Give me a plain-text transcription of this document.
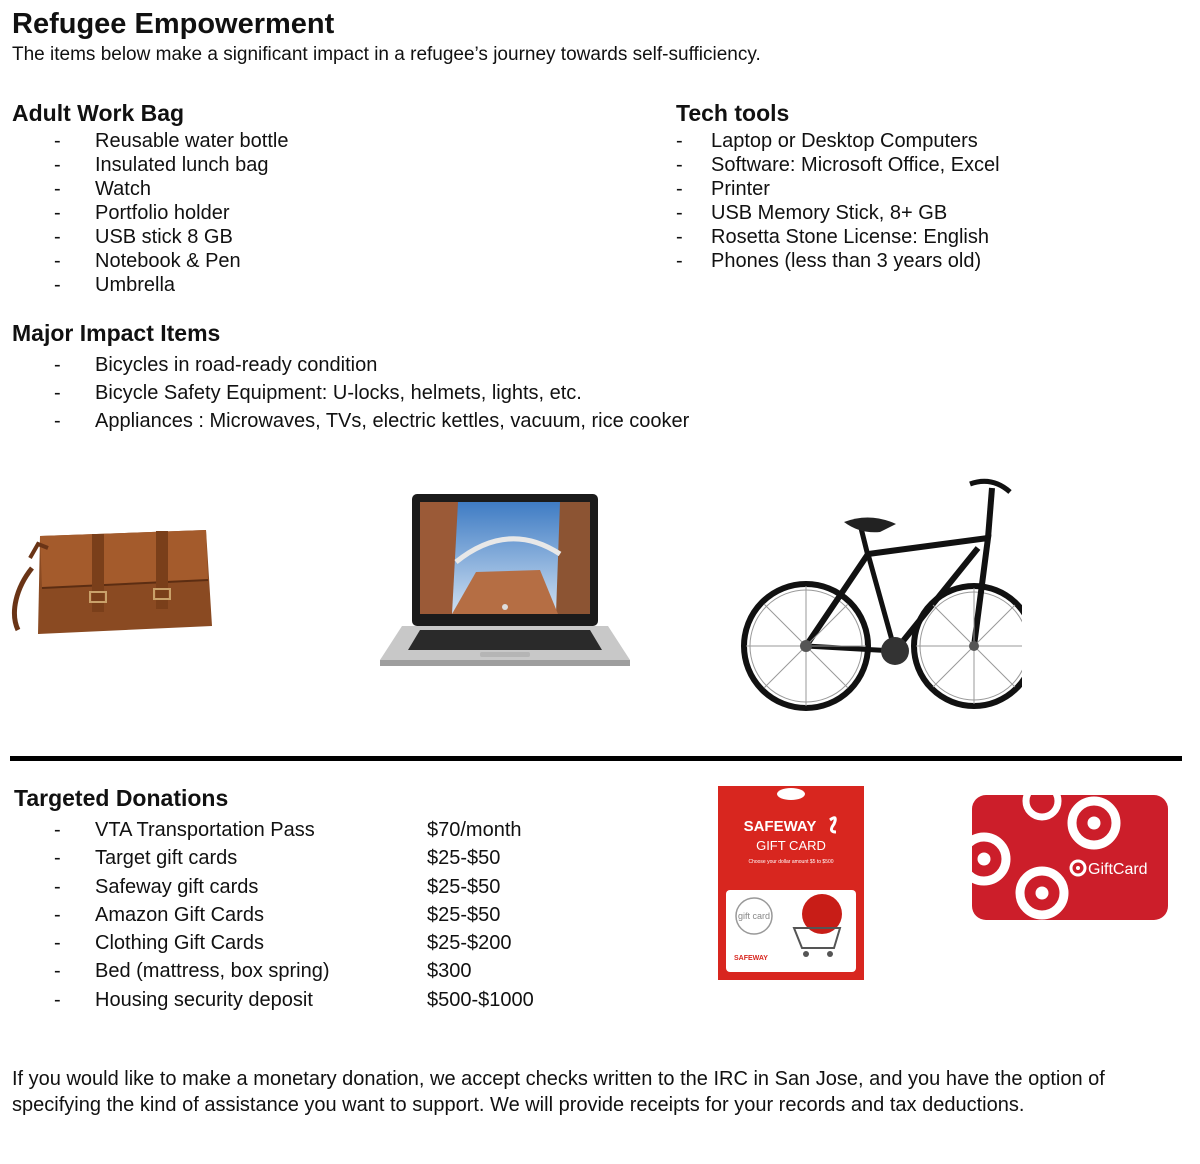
Refugee Empowerment
The items below make a significant impact in a refugee’s journey towards self-sufficiency.
Adult Work Bag
- Reusable water bottle
- Insulated lunch bag
- Watch
- Portfolio holder
- USB stick 8 GB
- Notebook & Pen
- Umbrella
Tech tools
- Laptop or Desktop Computers
- Software: Microsoft Office, Excel
- Printer
- USB Memory Stick, 8+ GB
- Rosetta Stone License: English
- Phones (less than 3 years old)
Major Impact Items
- Bicycles in road-ready condition
- Bicycle Safety Equipment: U-locks, helmets, lights, etc.
- Appliances : Microwaves, TVs, electric kettles, vacuum, rice cooker
Targeted Donations
- VTA Transportation Pass	$70/month
- Target gift cards	$25-$50
- Safeway gift cards	$25-$50
- Amazon Gift Cards	$25-$50
- Clothing Gift Cards	$25-$200
- Bed (mattress, box spring)	$300
- Housing security deposit	$500-$1000
SAFEWAY
GIFT CARD
Choose your dollar amount $5 to $500
gift card
SAFEWAY
GiftCard
If you would like to make a monetary donation, we accept checks written to the IRC in San Jose, and you have the option of specifying the kind of assistance you want to support. We will provide receipts for your records and tax deductions.
